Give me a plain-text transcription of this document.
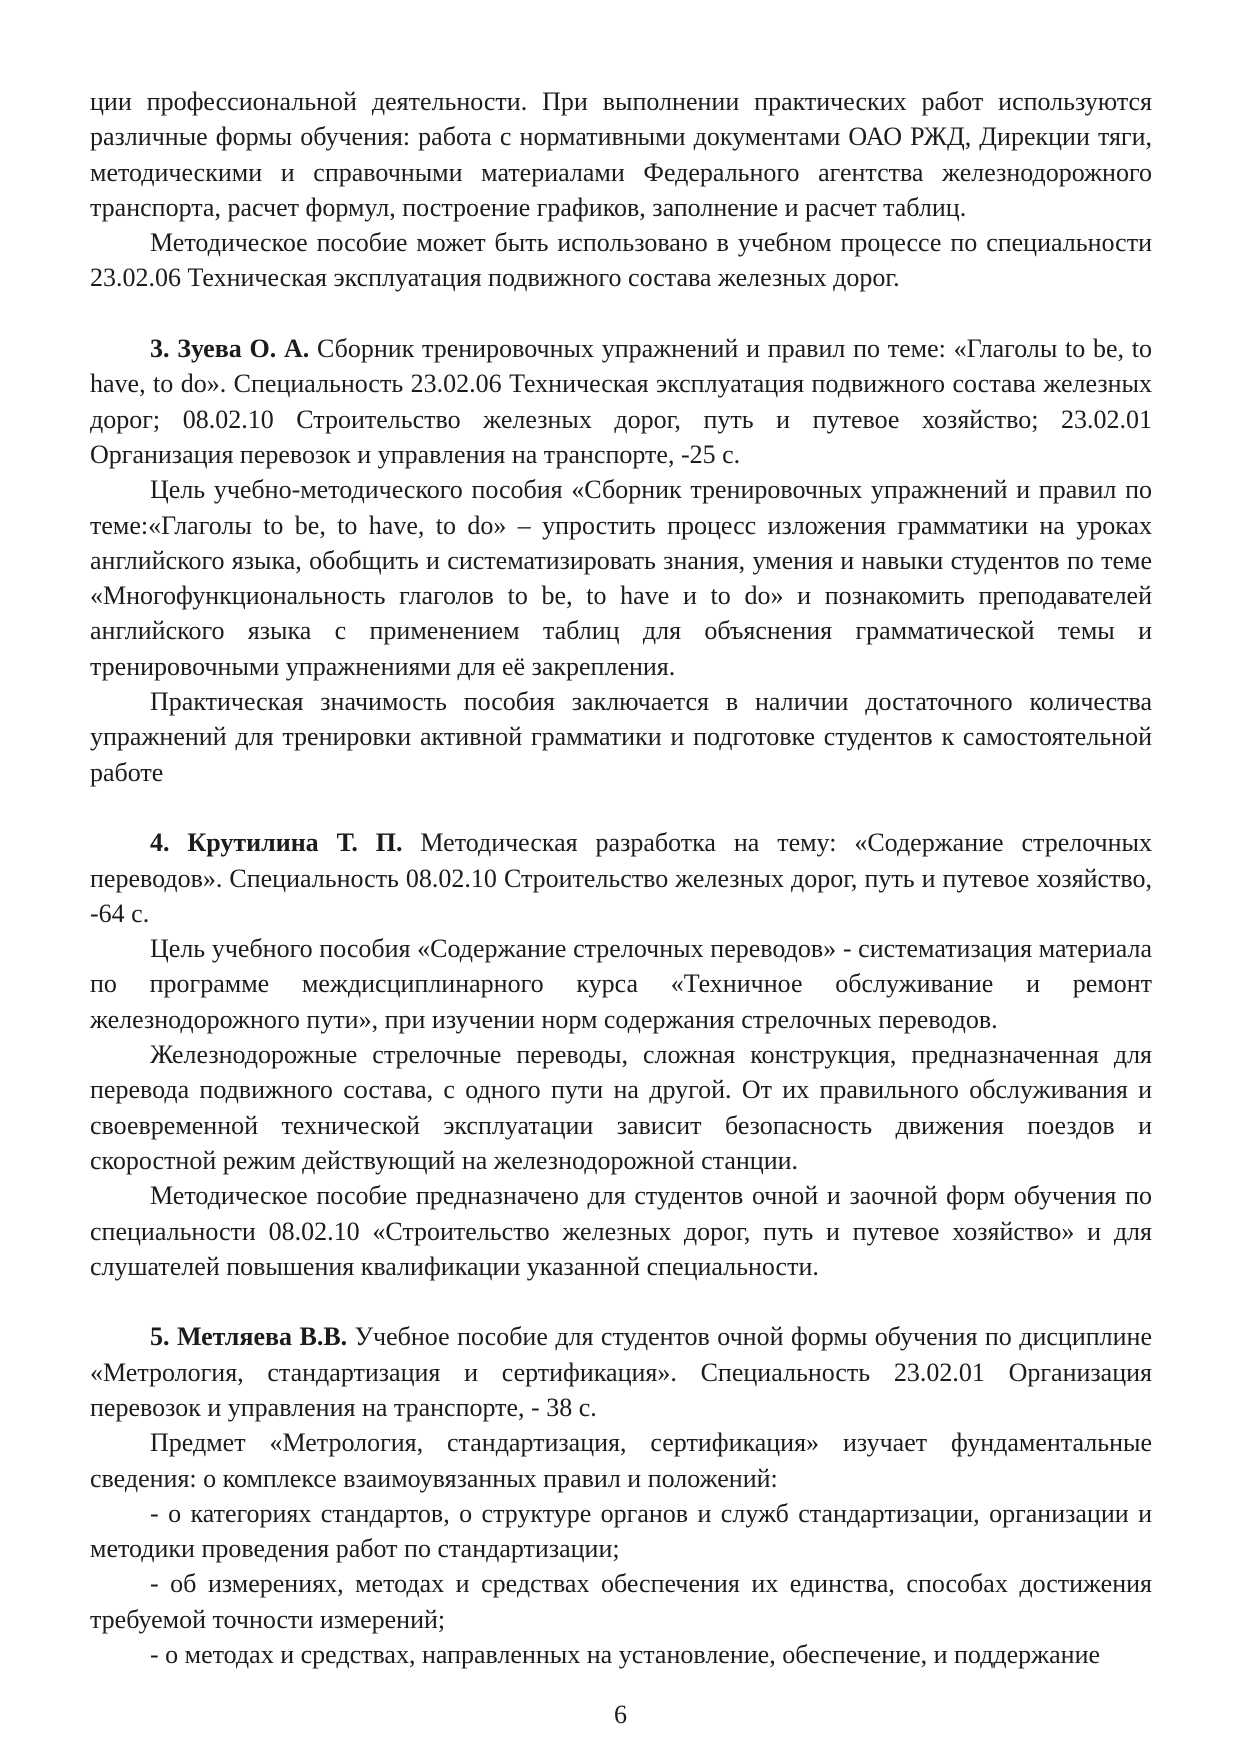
ции профессиональной деятельности. При выполнении практических работ используются различные формы обучения: работа с нормативными документами ОАО РЖД, Дирекции тяги, методическими и справочными материалами Федерального агентства железнодорожного транспорта, расчет формул, построение графиков, заполнение и расчет таблиц.

Методическое пособие может быть использовано в учебном процессе по специальности 23.02.06 Техническая эксплуатация подвижного состава железных дорог.

3. Зуева О. А. Сборник тренировочных упражнений и правил по теме: «Глаголы to be, to have, to do». Специальность 23.02.06 Техническая эксплуатация подвижного состава железных дорог; 08.02.10 Строительство железных дорог, путь и путевое хозяйство; 23.02.01 Организация перевозок и управления на транспорте, -25 с.

Цель учебно-методического пособия «Сборник тренировочных упражнений и правил по теме:«Глаголы to be, to have, to do» – упростить процесс изложения грамматики на уроках английского языка, обобщить и систематизировать знания, умения и навыки студентов по теме «Многофункциональность глаголов to be, to have и to do» и познакомить преподавателей английского языка с применением таблиц для объяснения грамматической темы и тренировочными упражнениями для её закрепления.

Практическая значимость пособия заключается в наличии достаточного количества упражнений для тренировки активной грамматики и подготовке студентов к самостоятельной работе

4. Крутилина Т. П. Методическая разработка на тему: «Содержание стрелочных переводов». Специальность 08.02.10 Строительство железных дорог, путь и путевое хозяйство, -64 с.

Цель учебного пособия «Содержание стрелочных переводов» - систематизация материала по программе междисциплинарного курса «Техничное обслуживание и ремонт железнодорожного пути», при изучении норм содержания стрелочных переводов.

Железнодорожные стрелочные переводы, сложная конструкция, предназначенная для перевода подвижного состава, с одного пути на другой. От их правильного обслуживания и своевременной технической эксплуатации зависит безопасность движения поездов и скоростной режим действующий на железнодорожной станции.

Методическое пособие предназначено для студентов очной и заочной форм обучения по специальности 08.02.10 «Строительство железных дорог, путь и путевое хозяйство» и для слушателей повышения квалификации указанной специальности.

5. Метляева В.В. Учебное пособие для студентов очной формы обучения по дисциплине «Метрология, стандартизация и сертификация». Специальность 23.02.01 Организация перевозок и управления на транспорте, - 38 с.

Предмет «Метрология, стандартизация, сертификация» изучает фундаментальные сведения: о комплексе взаимоувязанных правил и положений:

- о категориях стандартов, о структуре органов и служб стандартизации, организации и методики проведения работ по стандартизации;

- об измерениях, методах и средствах обеспечения их единства, способах достижения требуемой точности измерений;

- о методах и средствах, направленных на установление, обеспечение, и поддержание

6
